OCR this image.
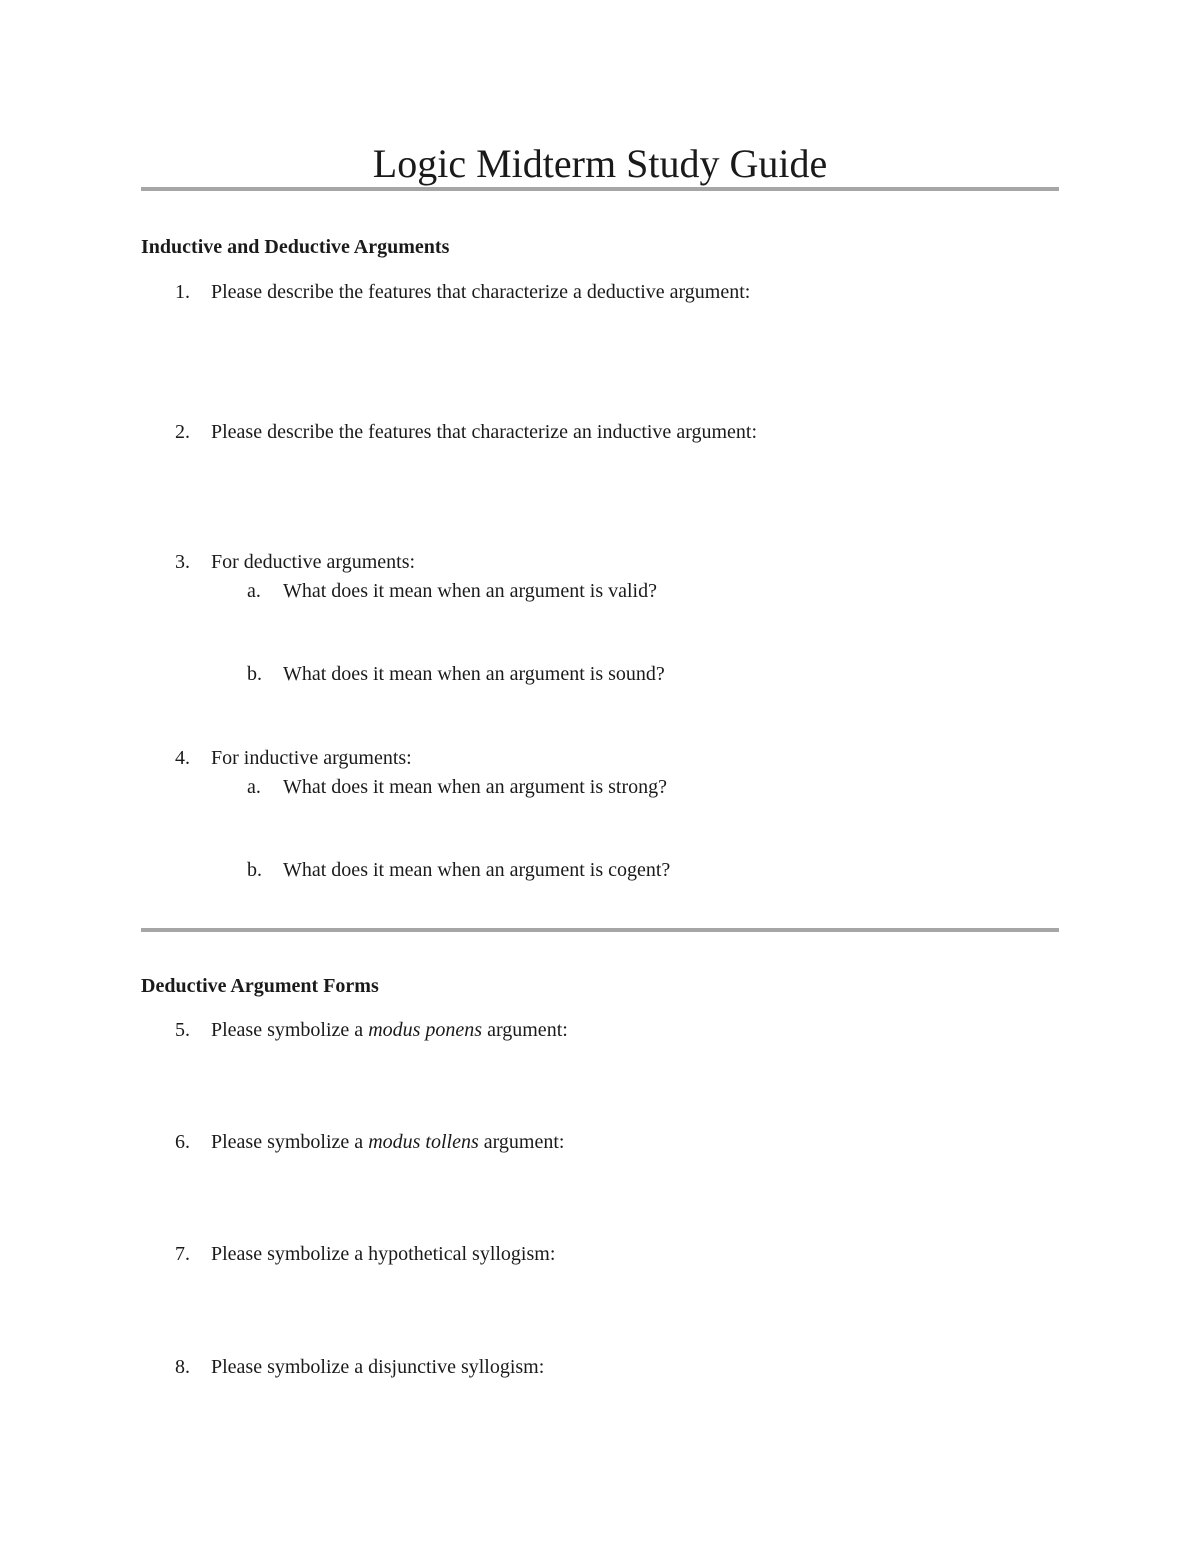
Logic Midterm Study Guide
Inductive and Deductive Arguments
1. Please describe the features that characterize a deductive argument:
2. Please describe the features that characterize an inductive argument:
3. For deductive arguments:
a. What does it mean when an argument is valid?
b. What does it mean when an argument is sound?
4. For inductive arguments:
a. What does it mean when an argument is strong?
b. What does it mean when an argument is cogent?
Deductive Argument Forms
5. Please symbolize a modus ponens argument:
6. Please symbolize a modus tollens argument:
7. Please symbolize a hypothetical syllogism:
8. Please symbolize a disjunctive syllogism:
